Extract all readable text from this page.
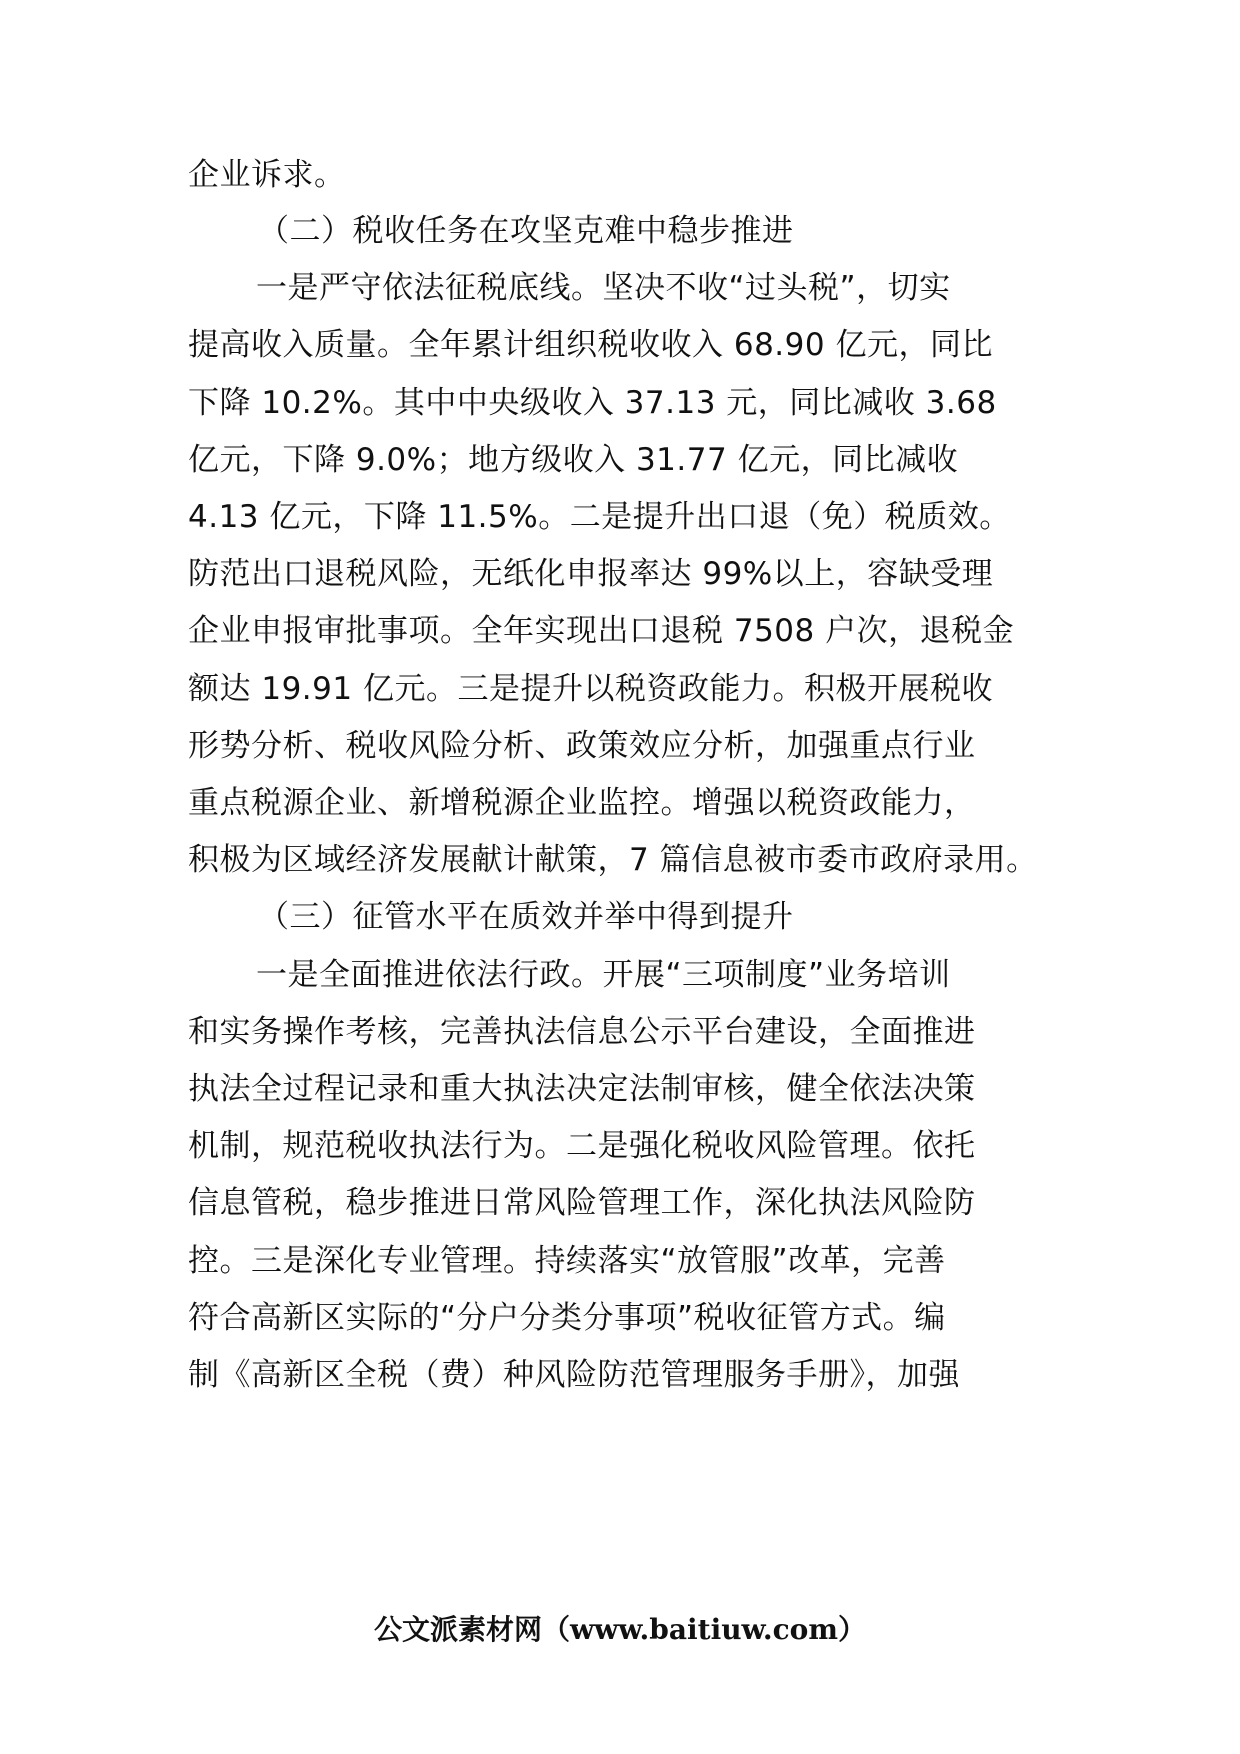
企业诉求。
（二）税收任务在攻坚克难中稳步推进
一是严守依法征税底线。坚决不收“过头税”，切实
提高收入质量。全年累计组织税收收入 68.90 亿元，同比
下降 10.2%。其中中央级收入 37.13 元，同比减收 3.68
亿元，下降 9.0%；地方级收入 31.77 亿元，同比减收
4.13 亿元，下降 11.5%。二是提升出口退（免）税质效。
防范出口退税风险，无纸化申报率达 99%以上，容缺受理
企业申报审批事项。全年实现出口退税 7508 户次，退税金
额达 19.91 亿元。三是提升以税资政能力。积极开展税收
形势分析、税收风险分析、政策效应分析，加强重点行业
重点税源企业、新增税源企业监控。增强以税资政能力，
积极为区域经济发展献计献策，7 篇信息被市委市政府录用。
（三）征管水平在质效并举中得到提升
一是全面推进依法行政。开展“三项制度”业务培训
和实务操作考核，完善执法信息公示平台建设，全面推进
执法全过程记录和重大执法决定法制审核，健全依法决策
机制，规范税收执法行为。二是强化税收风险管理。依托
信息管税，稳步推进日常风险管理工作，深化执法风险防
控。三是深化专业管理。持续落实“放管服”改革，完善
符合高新区实际的“分户分类分事项”税收征管方式。编
制《高新区全税（费）种风险防范管理服务手册》，加强
公文派素材网（www.baitiuw.com）
